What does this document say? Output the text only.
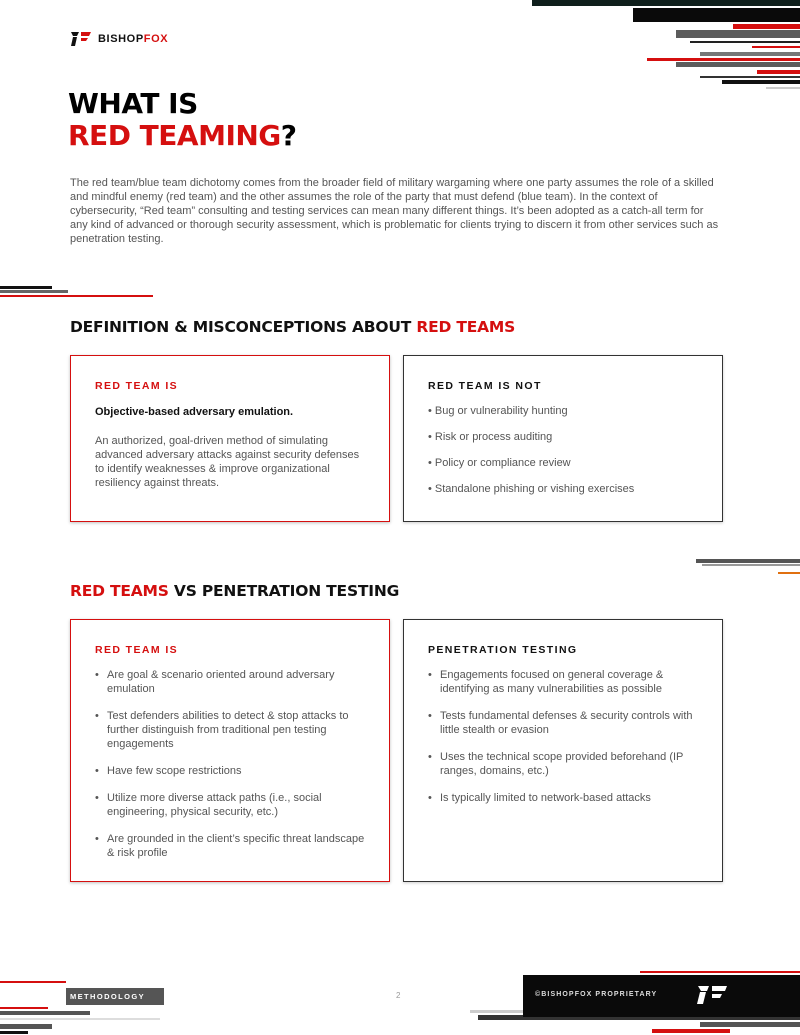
BISHOPFOX
WHAT IS
RED TEAMING?
The red team/blue team dichotomy comes from the broader field of military wargaming where one party assumes the role of a skilled and mindful enemy (red team) and the other assumes the role of the party that must defend (blue team). In the context of cybersecurity, “Red team” consulting and testing services can mean many different things. It’s been adopted as a catch-all term for any kind of advanced or thorough security assessment, which is problematic for clients trying to discern it from other services such as penetration testing.
DEFINITION & MISCONCEPTIONS ABOUT RED TEAMS
RED TEAM IS
Objective-based adversary emulation.
An authorized, goal-driven method of simulating advanced adversary attacks against security defenses to identify weaknesses & improve organizational resiliency against threats.
RED TEAM IS NOT
• Bug or vulnerability hunting
• Risk or process auditing
• Policy or compliance review
• Standalone phishing or vishing exercises
RED TEAMS VS PENETRATION TESTING
RED TEAM IS
• Are goal & scenario oriented around adversary emulation
• Test defenders abilities to detect & stop attacks to further distinguish from traditional pen testing engagements
• Have few scope restrictions
• Utilize more diverse attack paths (i.e., social engineering, physical security, etc.)
• Are grounded in the client’s specific threat landscape & risk profile
PENETRATION TESTING
• Engagements focused on general coverage & identifying as many vulnerabilities as possible
• Tests fundamental defenses & security controls with little stealth or evasion
• Uses the technical scope provided beforehand (IP ranges, domains, etc.)
• Is typically limited to network-based attacks
METHODOLOGY	2	©BISHOPFOX PROPRIETARY
